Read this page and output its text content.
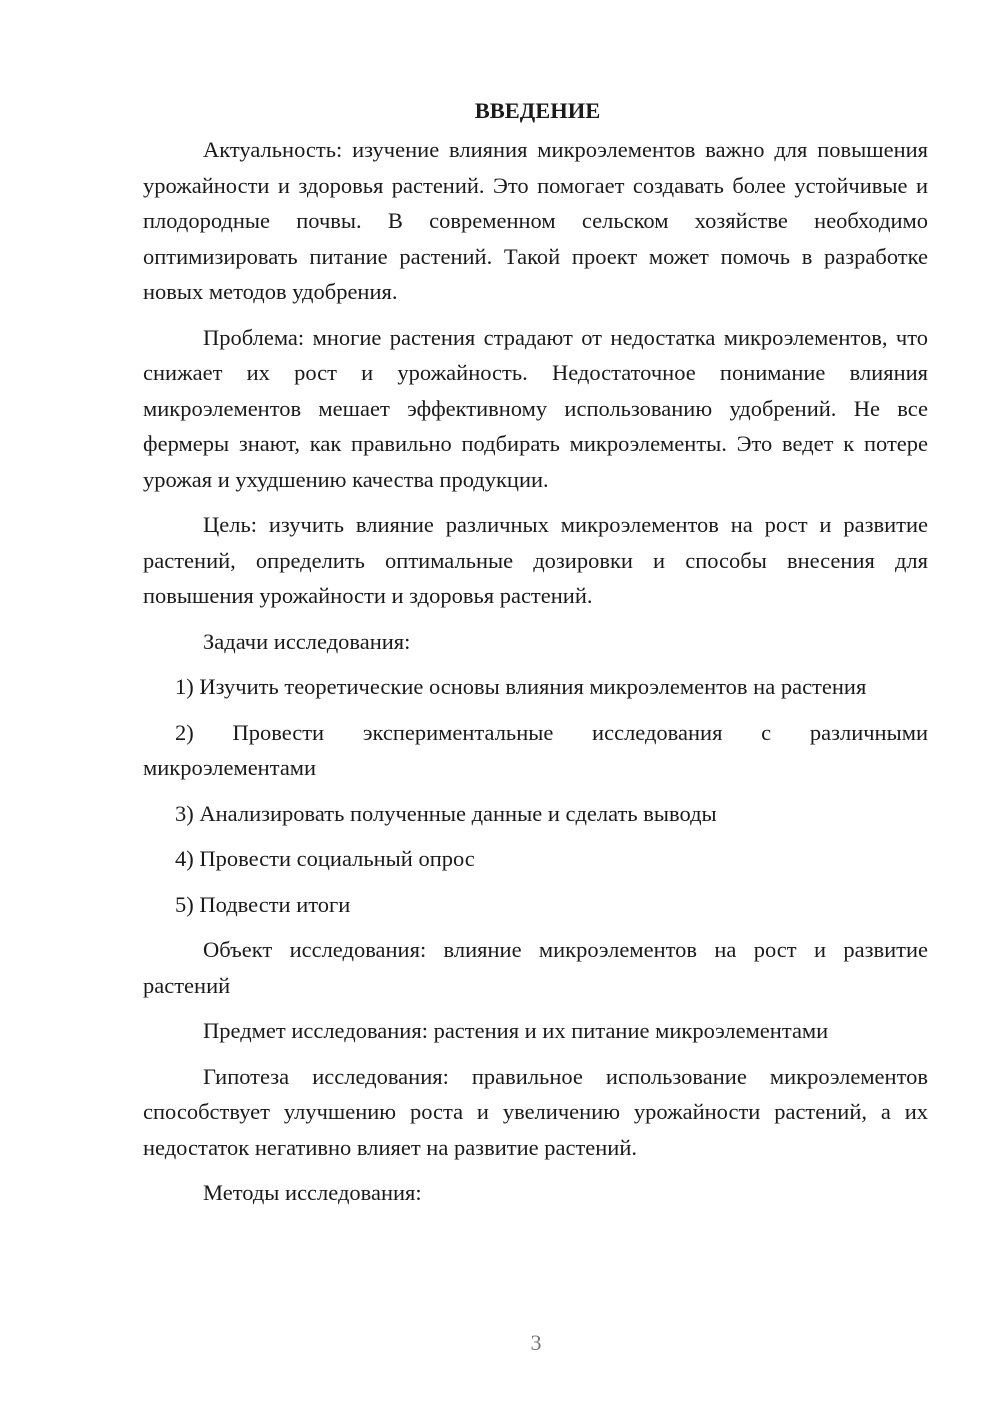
ВВЕДЕНИЕ

Актуальность: изучение влияния микроэлементов важно для повышения урожайности и здоровья растений. Это помогает создавать более устойчивые и плодородные почвы. В современном сельском хозяйстве необходимо оптимизировать питание растений. Такой проект может помочь в разработке новых методов удобрения.

Проблема: многие растения страдают от недостатка микроэлементов, что снижает их рост и урожайность. Недостаточное понимание влияния микроэлементов мешает эффективному использованию удобрений. Не все фермеры знают, как правильно подбирать микроэлементы. Это ведет к потере урожая и ухудшению качества продукции.

Цель: изучить влияние различных микроэлементов на рост и развитие растений, определить оптимальные дозировки и способы внесения для повышения урожайности и здоровья растений.

Задачи исследования:

1) Изучить теоретические основы влияния микроэлементов на растения

2) Провести экспериментальные исследования с различными микроэлементами

3) Анализировать полученные данные и сделать выводы

4) Провести социальный опрос

5) Подвести итоги

Объект исследования: влияние микроэлементов на рост и развитие растений

Предмет исследования: растения и их питание микроэлементами

Гипотеза исследования: правильное использование микроэлементов способствует улучшению роста и увеличению урожайности растений, а их недостаток негативно влияет на развитие растений.

Методы исследования:

3
